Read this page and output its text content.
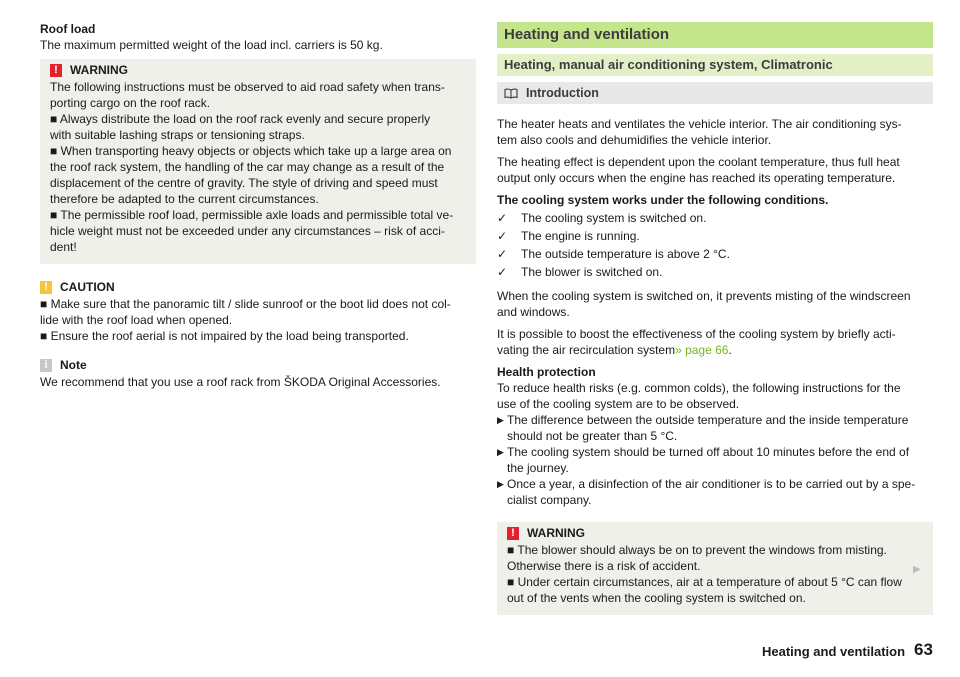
Roof load

The maximum permitted weight of the load incl. carriers is 50 kg.

!	WARNING

The following instructions must be observed to aid road safety when trans-

porting cargo on the roof rack.

■ Always distribute the load on the roof rack evenly and secure properly

with suitable lashing straps or tensioning straps.

■ When transporting heavy objects or objects which take up a large area on

the roof rack system, the handling of the car may change as a result of the

displacement of the centre of gravity. The style of driving and speed must

therefore be adapted to the current circumstances.

■ The permissible roof load, permissible axle loads and permissible total ve-

hicle weight must not be exceeded under any circumstances – risk of acci-

dent!

!	CAUTION

■ Make sure that the panoramic tilt / slide sunroof or the boot lid does not col-

lide with the roof load when opened.

■ Ensure the roof aerial is not impaired by the load being transported.

i	Note

We recommend that you use a roof rack from ŠKODA Original Accessories.

Heating and ventilation
Heating, manual air conditioning system, Climatronic
Introduction

The heater heats and ventilates the vehicle interior. The air conditioning sys-

tem also cools and dehumidifies the vehicle interior.

The heating effect is dependent upon the coolant temperature, thus full heat

output only occurs when the engine has reached its operating temperature.

The cooling system works under the following conditions.

✓	The cooling system is switched on.
✓	The engine is running.
✓	The outside temperature is above 2 °C.
✓	The blower is switched on.

When the cooling system is switched on, it prevents misting of the windscreen

and windows.

It is possible to boost the effectiveness of the cooling system by briefly acti-

vating the air recirculation system» page 66.

Health protection

To reduce health risks (e.g. common colds), the following instructions for the

use of the cooling system are to be observed.

▶ The difference between the outside temperature and the inside temperature

should not be greater than 5 °C.

▶ The cooling system should be turned off about 10 minutes before the end of

the journey.

▶ Once a year, a disinfection of the air conditioner is to be carried out by a spe-

cialist company.

!	WARNING

■ The blower should always be on to prevent the windows from misting.

Otherwise there is a risk of accident.

■ Under certain circumstances, air at a temperature of about 5 °C can flow

out of the vents when the cooling system is switched on.

▶
Heating and ventilation 63
